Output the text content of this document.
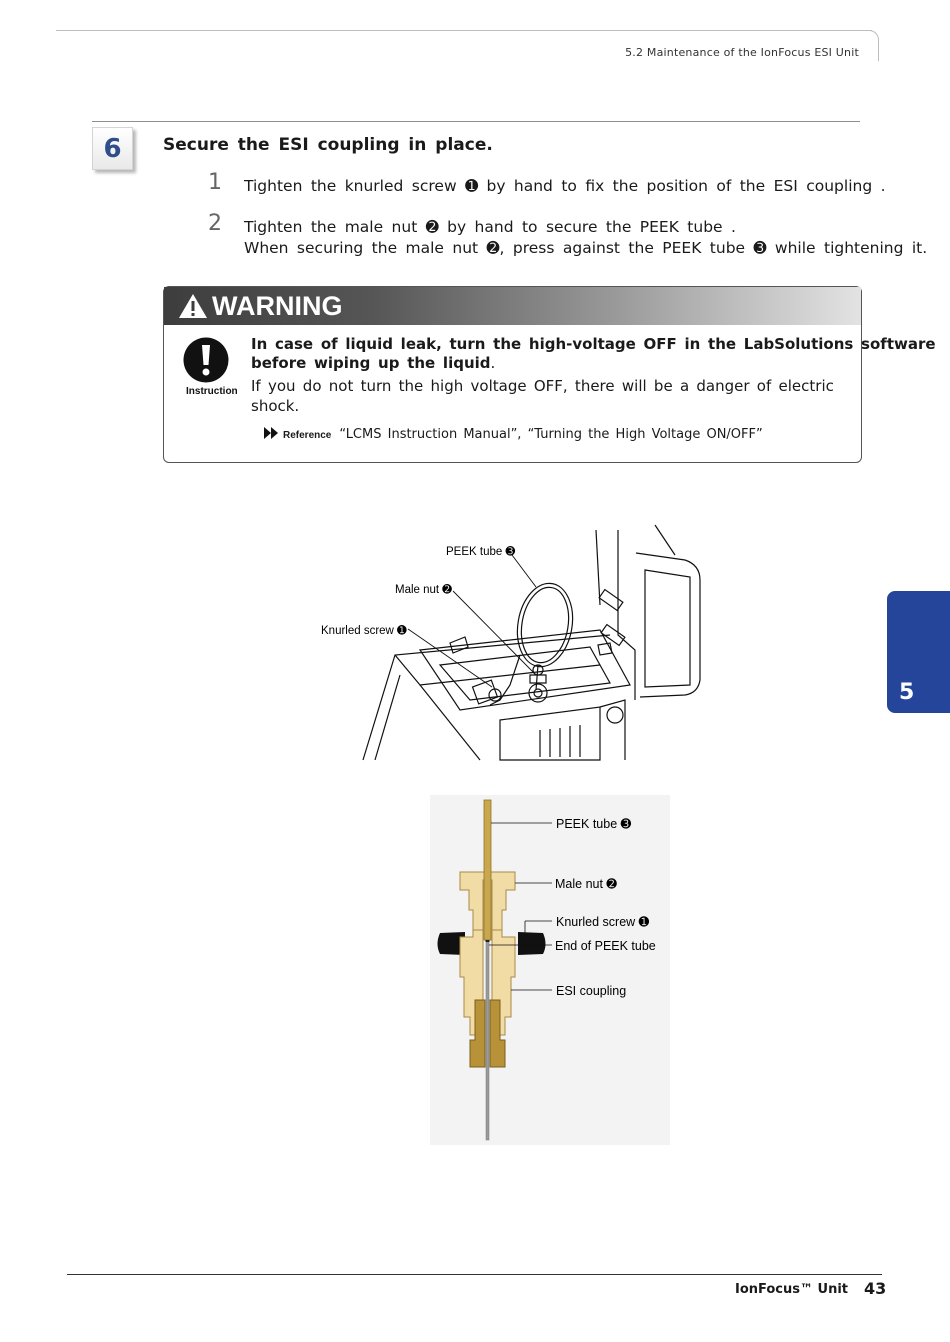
5.2 Maintenance of the IonFocus ESI Unit
6	Secure the ESI coupling in place.
1 Tighten the knurled screw ➊ by hand to fix the position of the ESI coupling .
2 Tighten the male nut ➋ by hand to secure the PEEK tube .
When securing the male nut ➋, press against the PEEK tube ➌ while tightening it.
WARNING
Instruction
In case of liquid leak, turn the high-voltage OFF in the LabSolutions software
before wiping up the liquid.
If you do not turn the high voltage OFF, there will be a danger of electric
shock.
Reference “LCMS Instruction Manual”, “Turning the High Voltage ON/OFF”
PEEK tube ➌
Male nut ➋
Knurled screw ➊
PEEK tube ➌
Male nut ➋
Knurled screw ➊
End of PEEK tube
ESI coupling
5
IonFocus™ Unit 43
